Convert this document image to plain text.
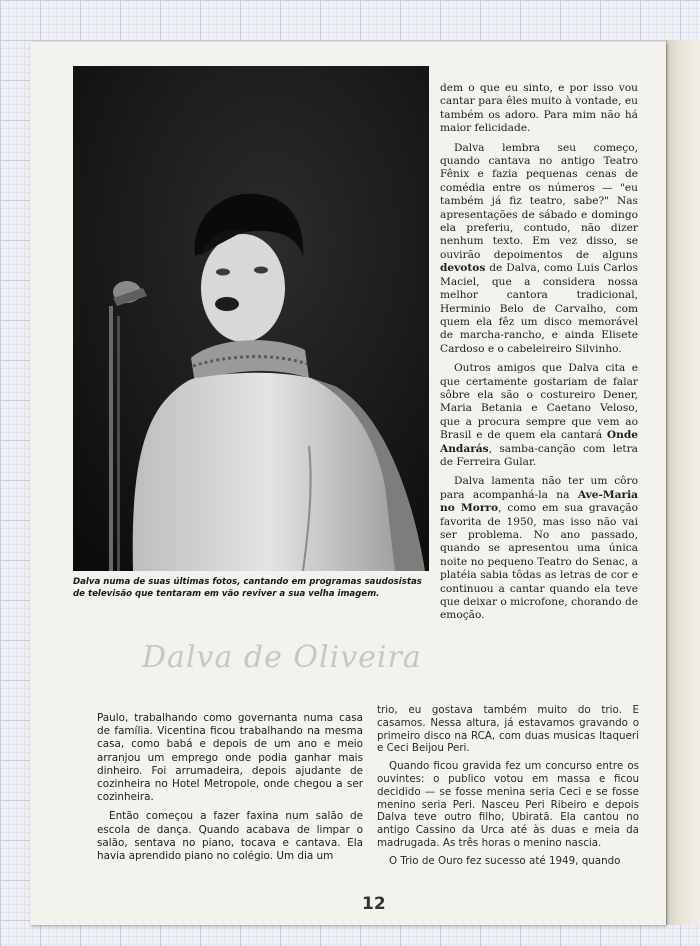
Dalva numa de suas últimas fotos, cantando em programas saudosistas de televisão que tentaram em vão reviver a sua velha imagem.
Dalva de Oliveira

dem o que eu sinto, e por isso vou cantar para êles muito à vontade, eu também os adoro. Para mim não há maior felicidade.

Dalva lembra seu começo, quando cantava no antigo Teatro Fênix e fazia pequenas cenas de comédia entre os números — "eu também já fiz teatro, sabe?" Nas apresentações de sábado e domingo ela preferiu, contudo, não dizer nenhum texto. Em vez disso, se ouvirão depoimentos de alguns devotos de Dalva, como Luis Carlos Maciel, que a considera nossa melhor cantora tradicional, Herminio Belo de Carvalho, com quem ela fêz um disco memorável de marcha-rancho, e ainda Elisete Cardoso e o cabeleireiro Silvinho.

Outros amigos que Dalva cita e que certamente gostariam de falar sôbre ela são o costureiro Dener, Maria Betania e Caetano Veloso, que a procura sempre que vem ao Brasil e de quem ela cantará Onde Andarás, samba-canção com letra de Ferreira Gular.

Dalva lamenta não ter um côro para acompanhá-la na Ave-Maria no Morro, como em sua gravação favorita de 1950, mas isso não vai ser problema. No ano passado, quando se apresentou uma única noite no pequeno Teatro do Senac, a platéia sabia tôdas as letras de cor e continuou a cantar quando ela teve que deixar o microfone, chorando de emoção.

Paulo, trabalhando como governanta numa casa de família. Vicentina ficou trabalhando na mesma casa, como babá e depois de um ano e meio arranjou um emprego onde podia ganhar mais dinheiro. Foi arrumadeira, depois ajudante de cozinheira no Hotel Metropole, onde chegou a ser cozinheira.

Então começou a fazer faxina num salão de escola de dança. Quando acabava de limpar o salão, sentava no piano, tocava e cantava. Ela havia aprendido piano no colégio. Um dia um

trio, eu gostava também muito do trio. E casamos. Nessa altura, já estavamos gravando o primeiro disco na RCA, com duas musicas Itaqueri e Ceci Beijou Peri.

Quando ficou gravida fez um concurso entre os ouvintes: o publico votou em massa e ficou decidido — se fosse menina seria Ceci e se fosse menino seria Peri. Nasceu Peri Ribeiro e depois Dalva teve outro filho, Ubiratã. Ela cantou no antigo Cassino da Urca até às duas e meia da madrugada. As três horas o menino nascia.

O Trio de Ouro fez sucesso até 1949, quando

12
